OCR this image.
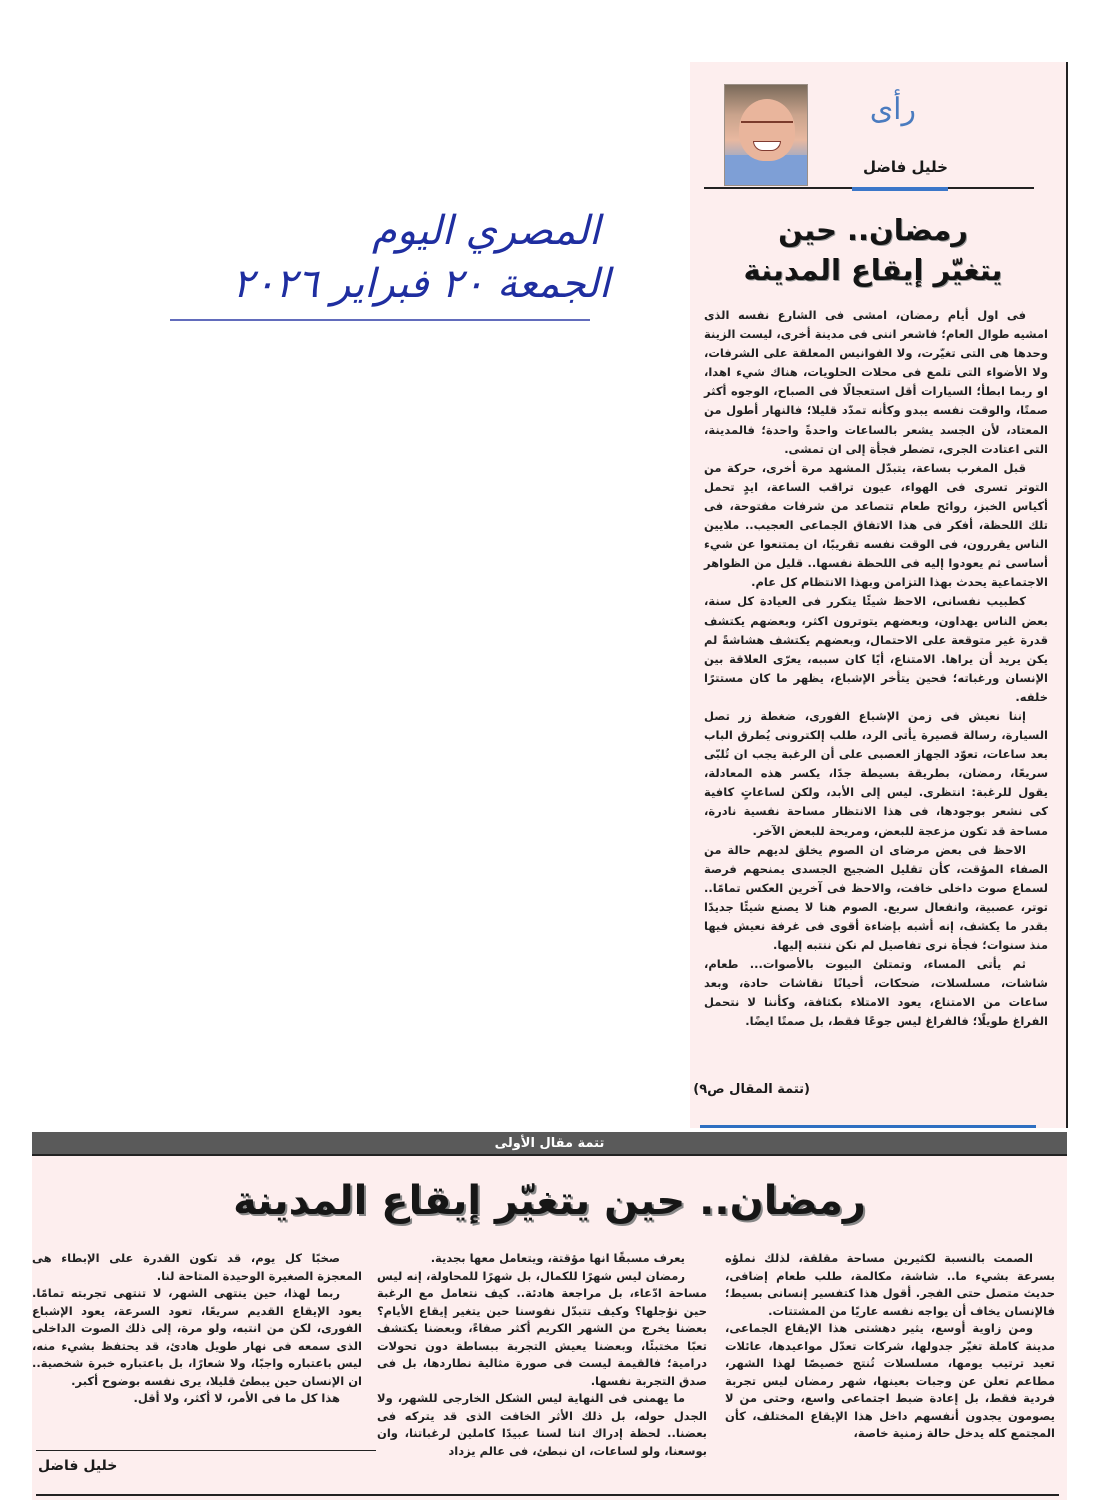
المصري اليوم
الجمعة ٢٠ فبراير ٢٠٢٦
رأى
خليل فاضل
رمضان.. حين
يتغيّر إيقاع المدينة

فى اول أيام رمضان، امشى فى الشارع نفسه الذى امشيه طوال العام؛ فاشعر اننى فى مدينة أخرى، ليست الزينة وحدها هى التى تغيّرت، ولا الفوانيس المعلقة على الشرفات، ولا الأضواء التى تلمع فى محلات الحلويات، هناك شيء اهدا، او ربما ابطأ؛ السيارات أقل استعجالًا فى الصباح، الوجوه أكثر صمتًا، والوقت نفسه يبدو وكأنه تمدّد قليلا؛ فالنهار أطول من المعتاد، لأن الجسد يشعر بالساعات واحدةً واحدة؛ فالمدينة، التى اعتادت الجرى، تضطر فجأة إلى ان تمشى.

قبل المغرب بساعة، يتبدّل المشهد مرة أخرى، حركة من التوتر تسرى فى الهواء، عيون تراقب الساعة، ايدٍ تحمل أكياس الخبز، روائح طعام تتصاعد من شرفات مفتوحة، فى تلك اللحظة، أفكر فى هذا الاتفاق الجماعى العجيب.. ملايين الناس يقررون، فى الوقت نفسه تقريبًا، ان يمتنعوا عن شيء أساسى ثم يعودوا إليه فى اللحظة نفسها.. قليل من الظواهر الاجتماعية يحدث بهذا التزامن وبهذا الانتظام كل عام.

كطبيب نفسانى، الاحظ شيئًا يتكرر فى العيادة كل سنة، بعض الناس يهداون، وبعضهم يتوترون اكثر، وبعضهم يكتشف قدرة غير متوقعة على الاحتمال، وبعضهم يكتشف هشاشةً لم يكن يريد أن يراها. الامتناع، أيًا كان سببه، يعرّى العلاقة بين الإنسان ورغباته؛ فحين يتأخر الإشباع، يظهر ما كان مستترًا خلفه.

إننا نعيش فى زمن الإشباع الفورى، ضغطة زر تصل السيارة، رسالة قصيرة يأتى الرد، طلب إلكترونى يُطرق الباب بعد ساعات، تعوّد الجهاز العصبى على أن الرغبة يجب ان تُلبّى سريعًا، رمضان، بطريقة بسيطة جدًا، يكسر هذه المعادلة، يقول للرغبة: انتظرى. ليس إلى الأبد، ولكن لساعاتٍ كافية كى نشعر بوجودها، فى هذا الانتظار مساحة نفسية نادرة، مساحة قد تكون مزعجة للبعض، ومريحة للبعض الآخر.

الاحظ فى بعض مرضاى ان الصوم يخلق لديهم حالة من الصفاء المؤقت، كأن تقليل الضجيج الجسدى يمنحهم فرصة لسماع صوت داخلى خافت، والاحظ فى آخرين العكس تمامًا.. توتر، عصبية، وانفعال سريع. الصوم هنا لا يصنع شيئًا جديدًا بقدر ما يكشف، إنه أشبه بإضاءة أقوى فى غرفة نعيش فيها منذ سنوات؛ فجأة نرى تفاصيل لم نكن ننتبه إليها.

ثم يأتى المساء، وتمتلئ البيوت بالأصوات... طعام، شاشات، مسلسلات، ضحكات، أحيانًا نقاشات حادة، وبعد ساعات من الامتناع، يعود الامتلاء بكثافة، وكأننا لا نتحمل الفراغ طويلًا؛ فالفراغ ليس جوعًا فقط، بل صمتًا ايضًا.

(تتمة المقال ص٩)
تتمة مقال الأولى
رمضان.. حين يتغيّر إيقاع المدينة

الصمت بالنسبة لكثيرين مساحة مقلقة، لذلك نملؤه بسرعة بشيء ما.. شاشة، مكالمة، طلب طعام إضافى، حديث متصل حتى الفجر. أقول هذا كتفسير إنسانى بسيط؛ فالإنسان يخاف أن يواجه نفسه عاريًا من المشتتات.

ومن زاوية أوسع، يثير دهشتى هذا الإيقاع الجماعى، مدينة كاملة تغيّر جدولها، شركات تعدّل مواعيدها، عائلات تعيد ترتيب يومها، مسلسلات تُنتج خصيصًا لهذا الشهر، مطاعم تعلن عن وجبات بعينها، شهر رمضان ليس تجربة فردية فقط، بل إعادة ضبط اجتماعى واسع، وحتى من لا يصومون يجدون أنفسهم داخل هذا الإيقاع المختلف، كأن المجتمع كله يدخل حالة زمنية خاصة،

يعرف مسبقًا انها مؤقتة، ويتعامل معها بجدية.

رمضان ليس شهرًا للكمال، بل شهرًا للمحاولة، إنه ليس مساحة ادّعاء، بل مراجعة هادئة.. كيف نتعامل مع الرغبة حين نؤجلها؟ وكيف تتبدّل نفوسنا حين يتغير إيقاع الأيام؟ بعضنا يخرج من الشهر الكريم أكثر صفاءً، وبعضنا يكتشف تعبًا مختبئًا، وبعضنا يعيش التجربة ببساطة دون تحولات درامية؛ فالقيمة ليست فى صورة مثالية نطاردها، بل فى صدق التجربة نفسها.

ما يهمنى فى النهاية ليس الشكل الخارجى للشهر، ولا الجدل حوله، بل ذلك الأثر الخافت الذى قد يتركه فى بعضنا.. لحظة إدراك اننا لسنا عبيدًا كاملين لرغباتنا، وان بوسعنا، ولو لساعات، ان نبطئ، فى عالم يزداد

صخبًا كل يوم، قد تكون القدرة على الإبطاء هى المعجزة الصغيرة الوحيدة المتاحة لنا.

ربما لهذا، حين ينتهى الشهر، لا تنتهى تجربته تمامًا. يعود الإيقاع القديم سريعًا، تعود السرعة، يعود الإشباع الفورى، لكن من انتبه، ولو مرة، إلى ذلك الصوت الداخلى الذى سمعه فى نهار طويل هادئ، قد يحتفظ بشيء منه، ليس باعتباره واجبًا، ولا شعارًا، بل باعتباره خبرة شخصية.. ان الإنسان حين يبطئ قليلا، يرى نفسه بوضوح أكبر.

هذا كل ما فى الأمر، لا أكثر، ولا أقل.

خليل فاضل
